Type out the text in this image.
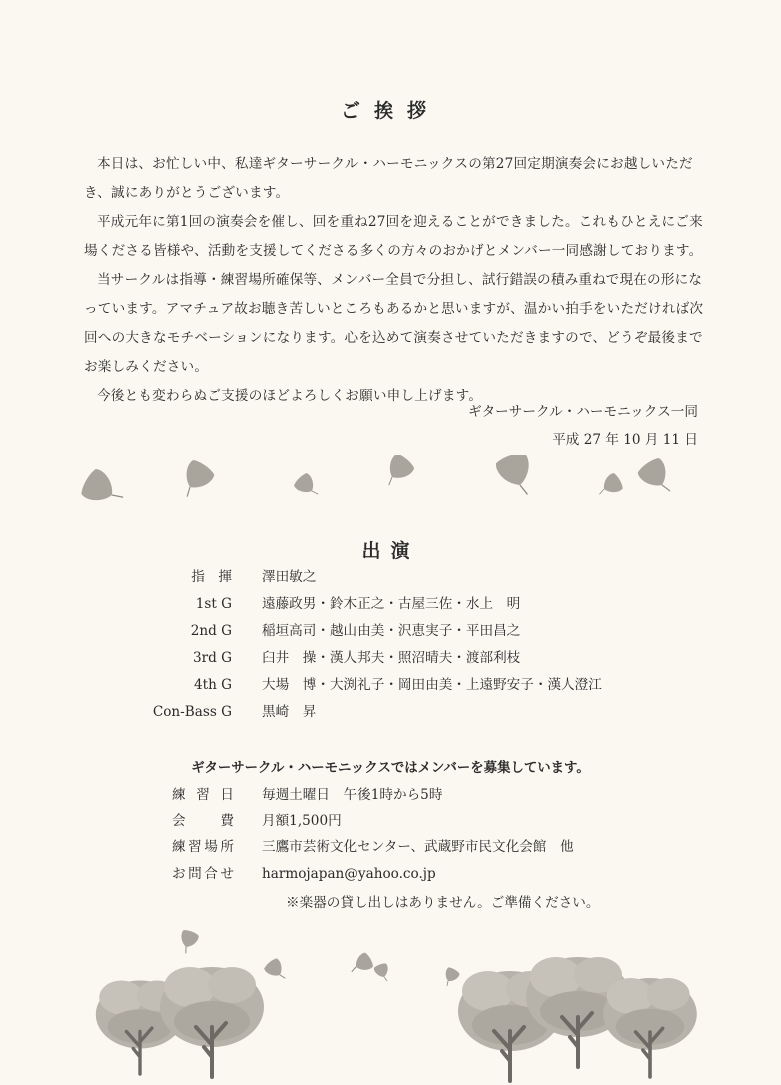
ご挨拶

本日は、お忙しい中、私達ギターサークル・ハーモニックスの第27回定期演奏会にお越しいただき、誠にありがとうございます。

平成元年に第1回の演奏会を催し、回を重ね27回を迎えることができました。これもひとえにご来場くださる皆様や、活動を支援してくださる多くの方々のおかげとメンバー一同感謝しております。

当サークルは指導・練習場所確保等、メンバー全員で分担し、試行錯誤の積み重ねで現在の形になっています。アマチュア故お聴き苦しいところもあるかと思いますが、温かい拍手をいただければ次回への大きなモチベーションになります。心を込めて演奏させていただきますので、どうぞ最後までお楽しみください。

今後とも変わらぬご支援のほどよろしくお願い申し上げます。

ギターサークル・ハーモニックス一同
平成 27 年 10 月 11 日
出演
指　揮 澤田敏之
1st G 遠藤政男・鈴木正之・古屋三佐・水上　明
2nd G 稲垣高司・越山由美・沢恵実子・平田昌之
3rd G 臼井　操・漢人邦夫・照沼晴夫・渡部利枝
4th G 大場　博・大渕礼子・岡田由美・上遠野安子・漢人澄江
Con-Bass G 黒崎　昇
ギターサークル・ハーモニックスではメンバーを募集しています。
練習日 毎週土曜日　午後1時から5時
会費 月額1,500円
練習場所 三鷹市芸術文化センター、武蔵野市民文化会館　他
お問合せ harmojapan@yahoo.co.jp
※楽器の貸し出しはありません。ご準備ください。
